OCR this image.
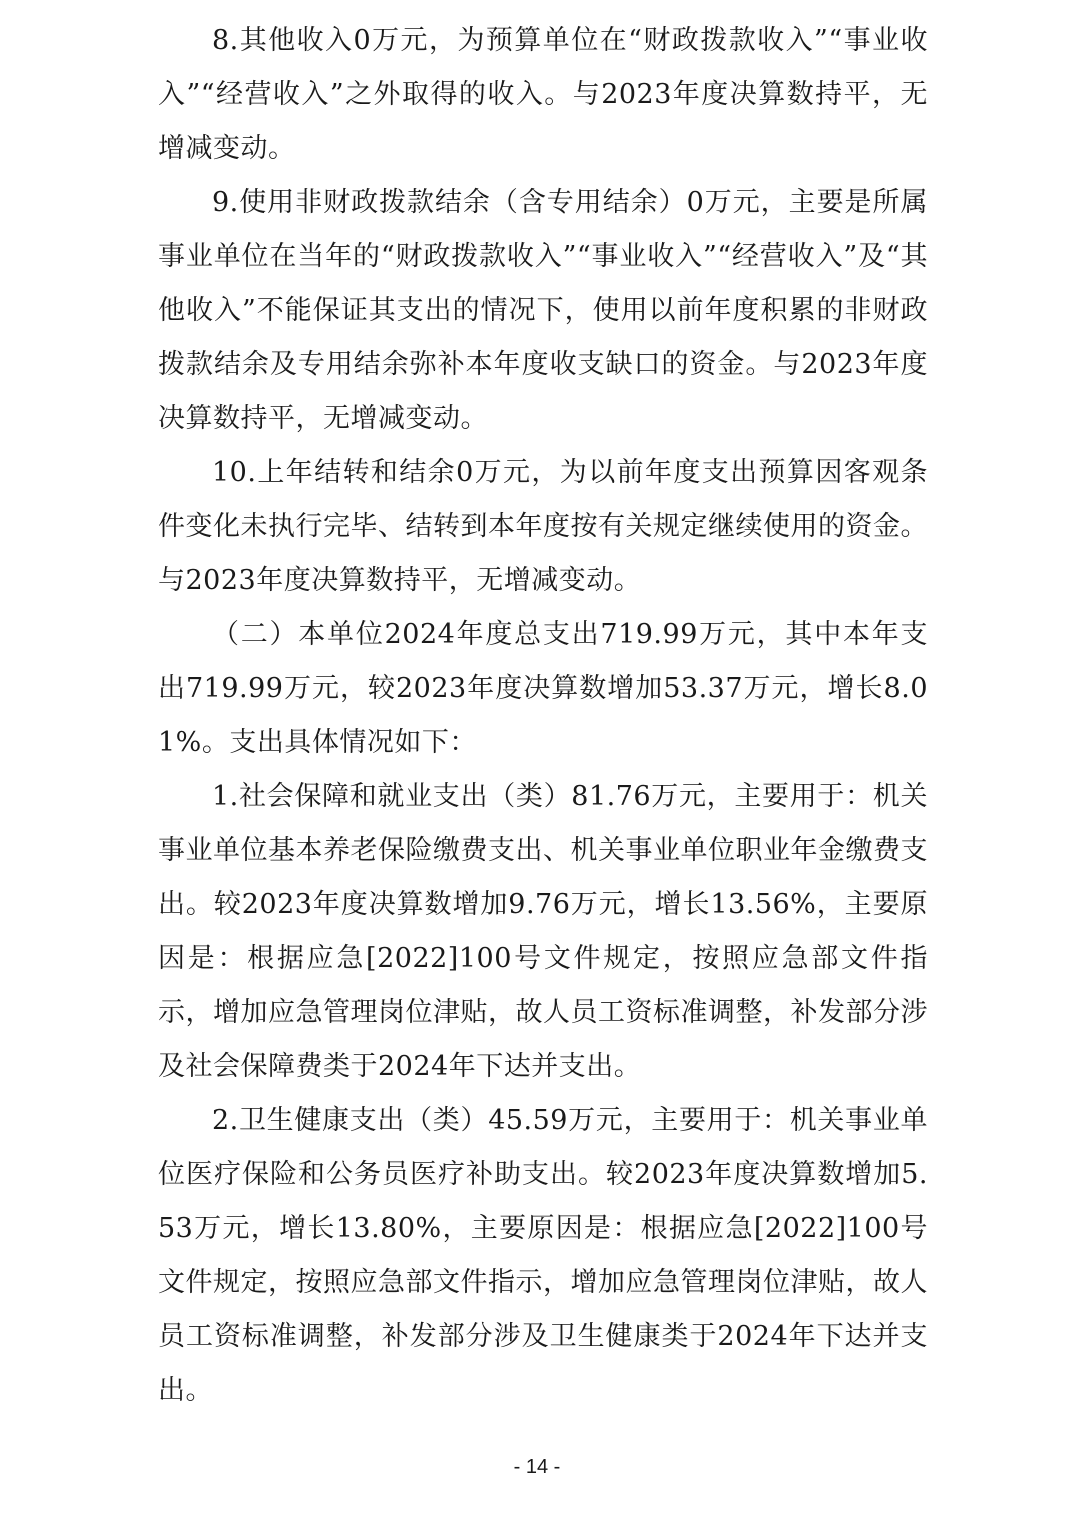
8.其他收入0万元，为预算单位在“财政拨款收入”“事业收入”“经营收入”之外取得的收入。与2023年度决算数持平，无增减变动。

9.使用非财政拨款结余（含专用结余）0万元，主要是所属事业单位在当年的“财政拨款收入”“事业收入”“经营收入”及“其他收入”不能保证其支出的情况下，使用以前年度积累的非财政拨款结余及专用结余弥补本年度收支缺口的资金。与2023年度决算数持平，无增减变动。

10.上年结转和结余0万元，为以前年度支出预算因客观条件变化未执行完毕、结转到本年度按有关规定继续使用的资金。与2023年度决算数持平，无增减变动。

（二）本单位2024年度总支出719.99万元，其中本年支出719.99万元，较2023年度决算数增加53.37万元，增长8.01%。支出具体情况如下：

1.社会保障和就业支出（类）81.76万元，主要用于：机关事业单位基本养老保险缴费支出、机关事业单位职业年金缴费支出。较2023年度决算数增加9.76万元，增长13.56%，主要原因是：根据应急[2022]100号文件规定，按照应急部文件指示，增加应急管理岗位津贴，故人员工资标准调整，补发部分涉及社会保障费类于2024年下达并支出。

2.卫生健康支出（类）45.59万元，主要用于：机关事业单位医疗保险和公务员医疗补助支出。较2023年度决算数增加5.53万元，增长13.80%，主要原因是：根据应急[2022]100号文件规定，按照应急部文件指示，增加应急管理岗位津贴，故人员工资标准调整，补发部分涉及卫生健康类于2024年下达并支出。

- 14 -
